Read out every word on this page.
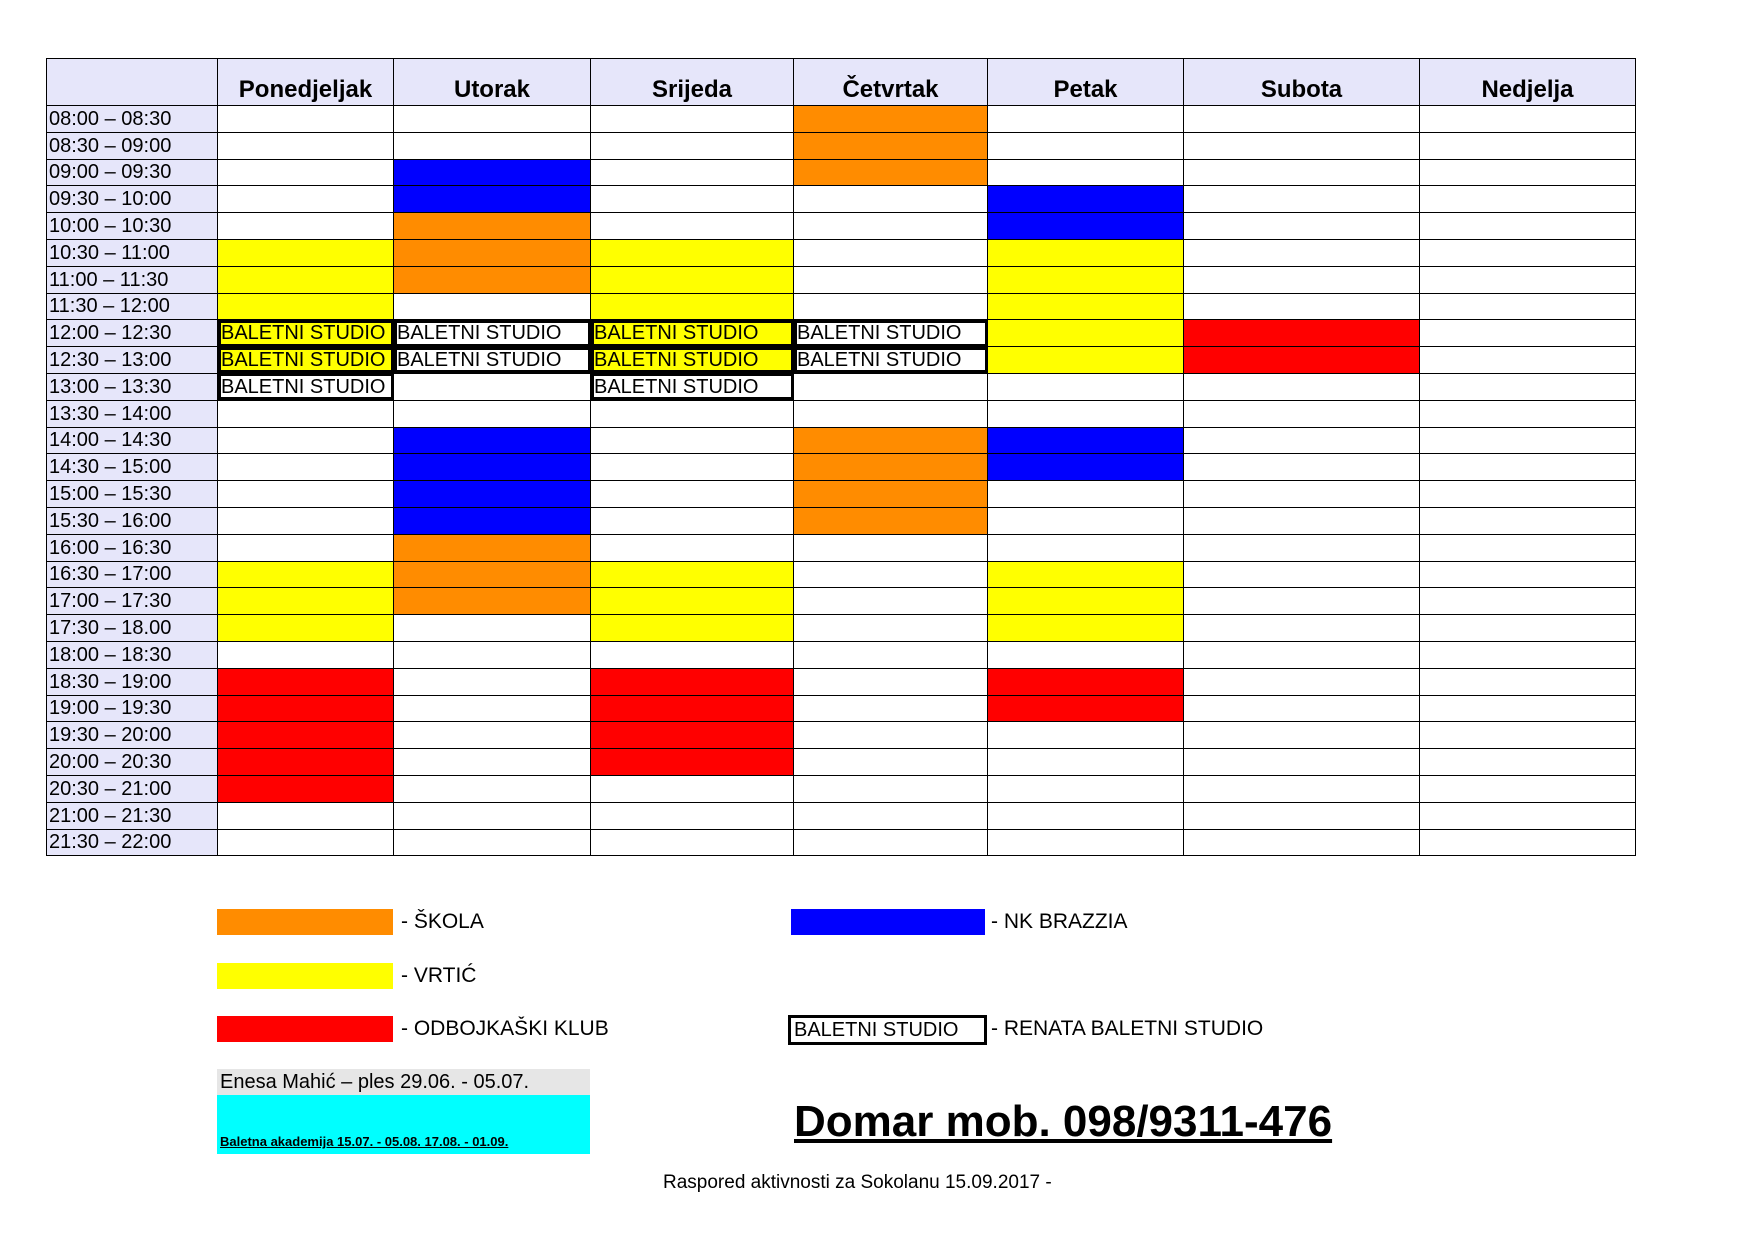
	Ponedjeljak	Utorak	Srijeda	Četvrtak	Petak	Subota	Nedjelja
08:00 – 08:30							
08:30 – 09:00							
09:00 – 09:30							
09:30 – 10:00							
10:00 – 10:30							
10:30 – 11:00							
11:00 – 11:30							
11:30 – 12:00							
12:00 – 12:30	BALETNI STUDIO	BALETNI STUDIO	BALETNI STUDIO	BALETNI STUDIO			
12:30 – 13:00	BALETNI STUDIO	BALETNI STUDIO	BALETNI STUDIO	BALETNI STUDIO			
13:00 – 13:30	BALETNI STUDIO		BALETNI STUDIO				
13:30 – 14:00							
14:00 – 14:30							
14:30 – 15:00							
15:00 – 15:30							
15:30 – 16:00							
16:00 – 16:30							
16:30 – 17:00							
17:00 – 17:30							
17:30 – 18.00							
18:00 – 18:30							
18:30 – 19:00							
19:00 – 19:30							
19:30 – 20:00							
20:00 – 20:30							
20:30 – 21:00							
21:00 – 21:30							
21:30 – 22:00							
- ŠKOLA
- VRTIĆ
- ODBOJKAŠKI KLUB
- NK BRAZZIA
BALETNI STUDIO	- RENATA BALETNI STUDIO
Enesa Mahić – ples 29.06. - 05.07.
Baletna akademija 15.07. - 05.08. 17.08. - 01.09.	Domar mob. 098/9311-476
Raspored aktivnosti za Sokolanu 15.09.2017 -
